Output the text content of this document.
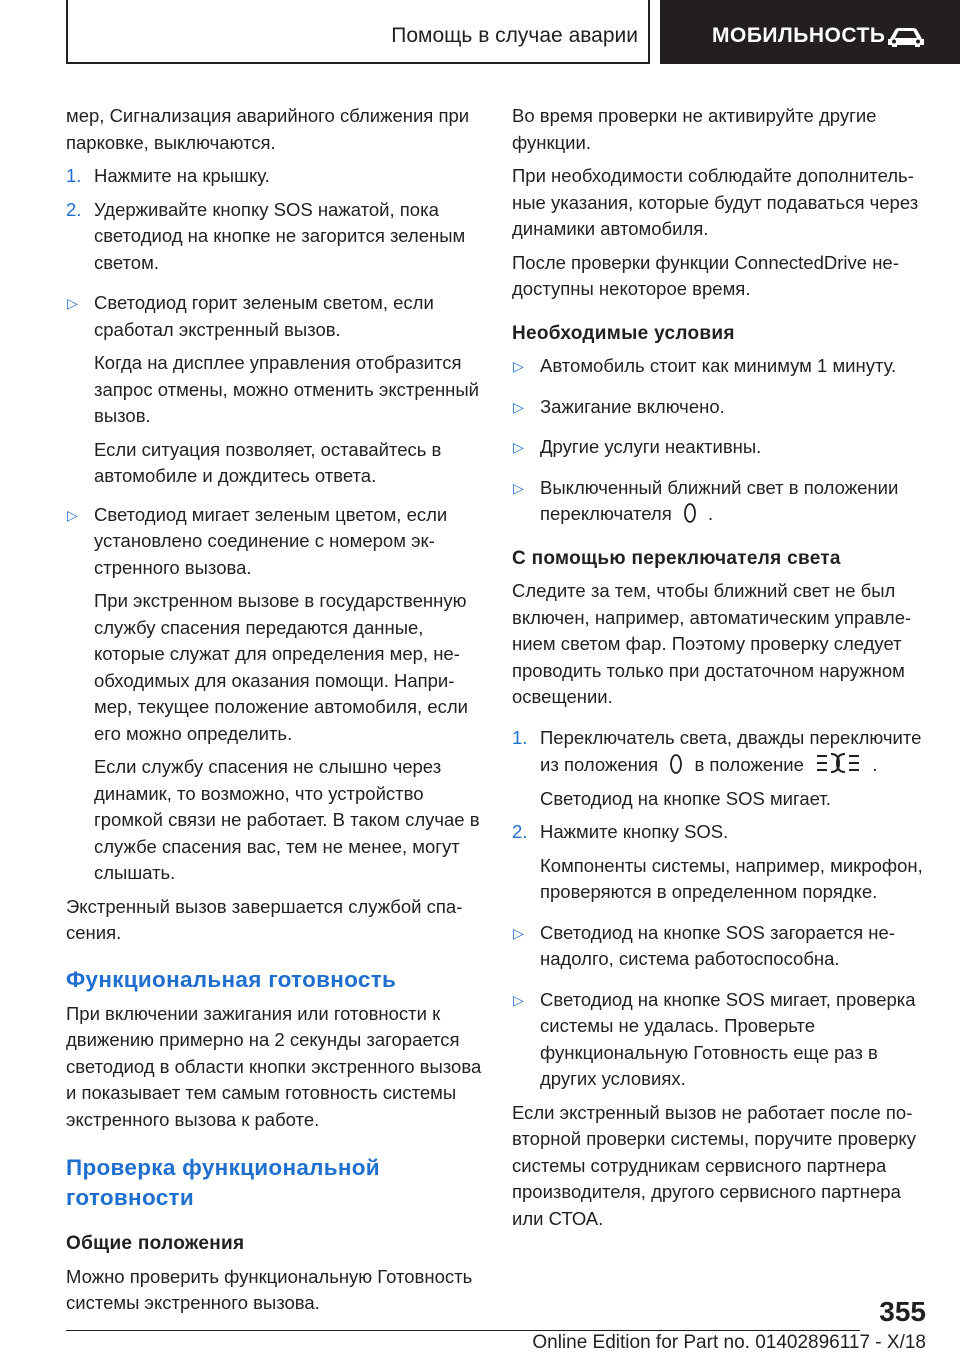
Помощь в случае аварии	МОБИЛЬНОСТЬ
мер, Сигнализация аварийного сближения при парковке, выключаются.
1. Нажмите на крышку.
2. Удерживайте кнопку SOS нажатой, пока светодиод на кнопке не загорится зеленым светом.
▷ Светодиод горит зеленым светом, если сработал экстренный вызов.
Когда на дисплее управления отобразится запрос отмены, можно отменить экстренный вызов.
Если ситуация позволяет, оставайтесь в автомобиле и дождитесь ответа.
▷ Светодиод мигает зеленым цветом, если установлено соединение с номером экстренного вызова.
При экстренном вызове в государственную службу спасения передаются данные, которые служат для определения мер, необходимых для оказания помощи. Например, текущее положение автомобиля, если его можно определить.
Если службу спасения не слышно через динамик, то возможно, что устройство громкой связи не работает. В таком случае в службе спасения вас, тем не менее, могут слышать.
Экстренный вызов завершается службой спасения.
Функциональная готовность
При включении зажигания или готовности к движению примерно на 2 секунды загорается светодиод в области кнопки экстренного вызова и показывает тем самым готовность системы экстренного вызова к работе.
Проверка функциональной готовности
Общие положения
Можно проверить функциональную Готовность системы экстренного вызова.
Во время проверки не активируйте другие функции.
При необходимости соблюдайте дополнительные указания, которые будут подаваться через динамики автомобиля.
После проверки функции ConnectedDrive недоступны некоторое время.
Необходимые условия
▷ Автомобиль стоит как минимум 1 минуту.
▷ Зажигание включено.
▷ Другие услуги неактивны.
▷ Выключенный ближний свет в положении переключателя .
С помощью переключателя света
Следите за тем, чтобы ближний свет не был включен, например, автоматическим управлением светом фар. Поэтому проверку следует проводить только при достаточном наружном освещении.
1. Переключатель света, дважды переключите из положения в положение	.
Светодиод на кнопке SOS мигает.
2. Нажмите кнопку SOS.
Компоненты системы, например, микрофон, проверяются в определенном порядке.
▷ Светодиод на кнопке SOS загорается ненадолго, система работоспособна.
▷ Светодиод на кнопке SOS мигает, проверка системы не удалась. Проверьте функциональную Готовность еще раз в других условиях.
Если экстренный вызов не работает после повторной проверки системы, поручите проверку системы сотрудникам сервисного партнера производителя, другого сервисного партнера или СТОА.
355
Online Edition for Part no. 01402896117 - X/18
